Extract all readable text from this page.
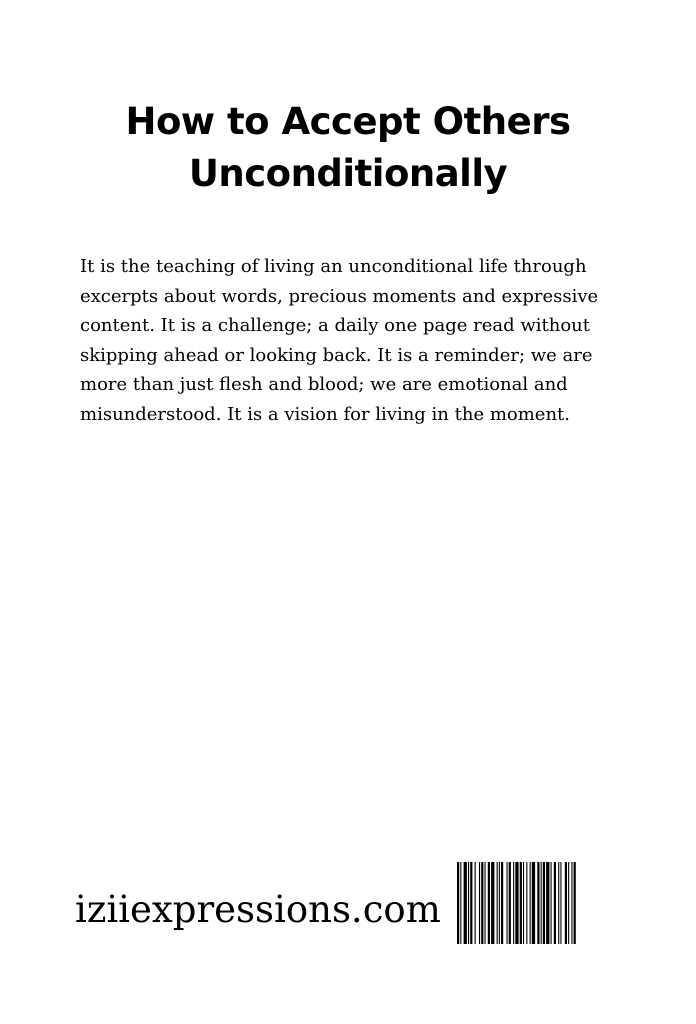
How to Accept Others
Unconditionally

It is the teaching of living an unconditional life through excerpts about words, precious moments and expressive content. It is a challenge; a daily one page read without skipping ahead or looking back. It is a reminder; we are more than just flesh and blood; we are emotional and misunderstood. It is a vision for living in the moment.

iziiexpressions.com
